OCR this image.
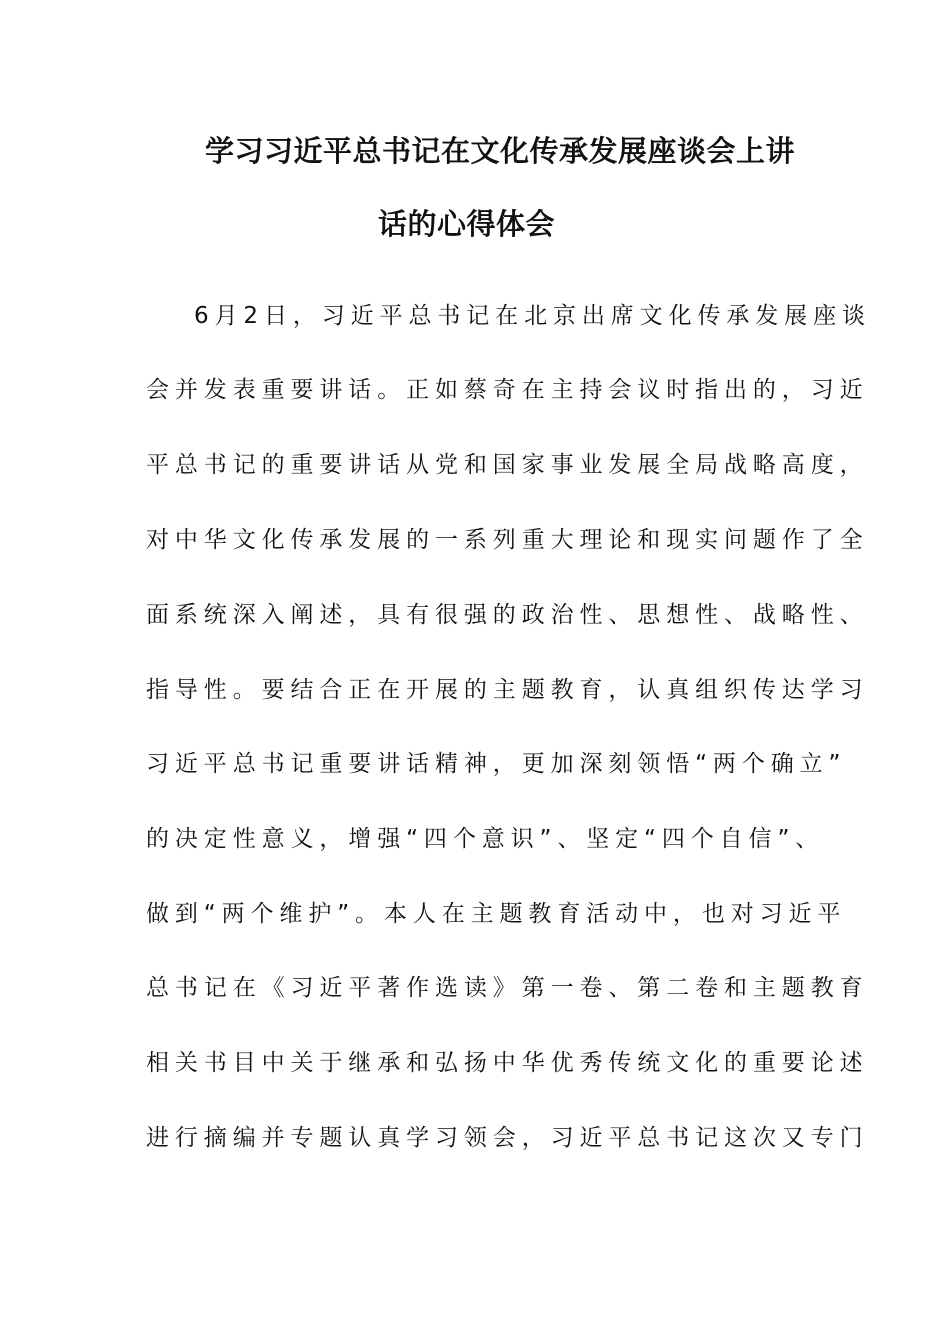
学习习近平总书记在文化传承发展座谈会上讲
话的心得体会
6月2日，习近平总书记在北京出席文化传承发展座谈
会并发表重要讲话。正如蔡奇在主持会议时指出的，习近
平总书记的重要讲话从党和国家事业发展全局战略高度，
对中华文化传承发展的一系列重大理论和现实问题作了全
面系统深入阐述，具有很强的政治性、思想性、战略性、
指导性。要结合正在开展的主题教育，认真组织传达学习
习近平总书记重要讲话精神，更加深刻领悟“两个确立”
的决定性意义，增强“四个意识”、坚定“四个自信”、
做到“两个维护”。本人在主题教育活动中，也对习近平
总书记在《习近平著作选读》第一卷、第二卷和主题教育
相关书目中关于继承和弘扬中华优秀传统文化的重要论述
进行摘编并专题认真学习领会，习近平总书记这次又专门
